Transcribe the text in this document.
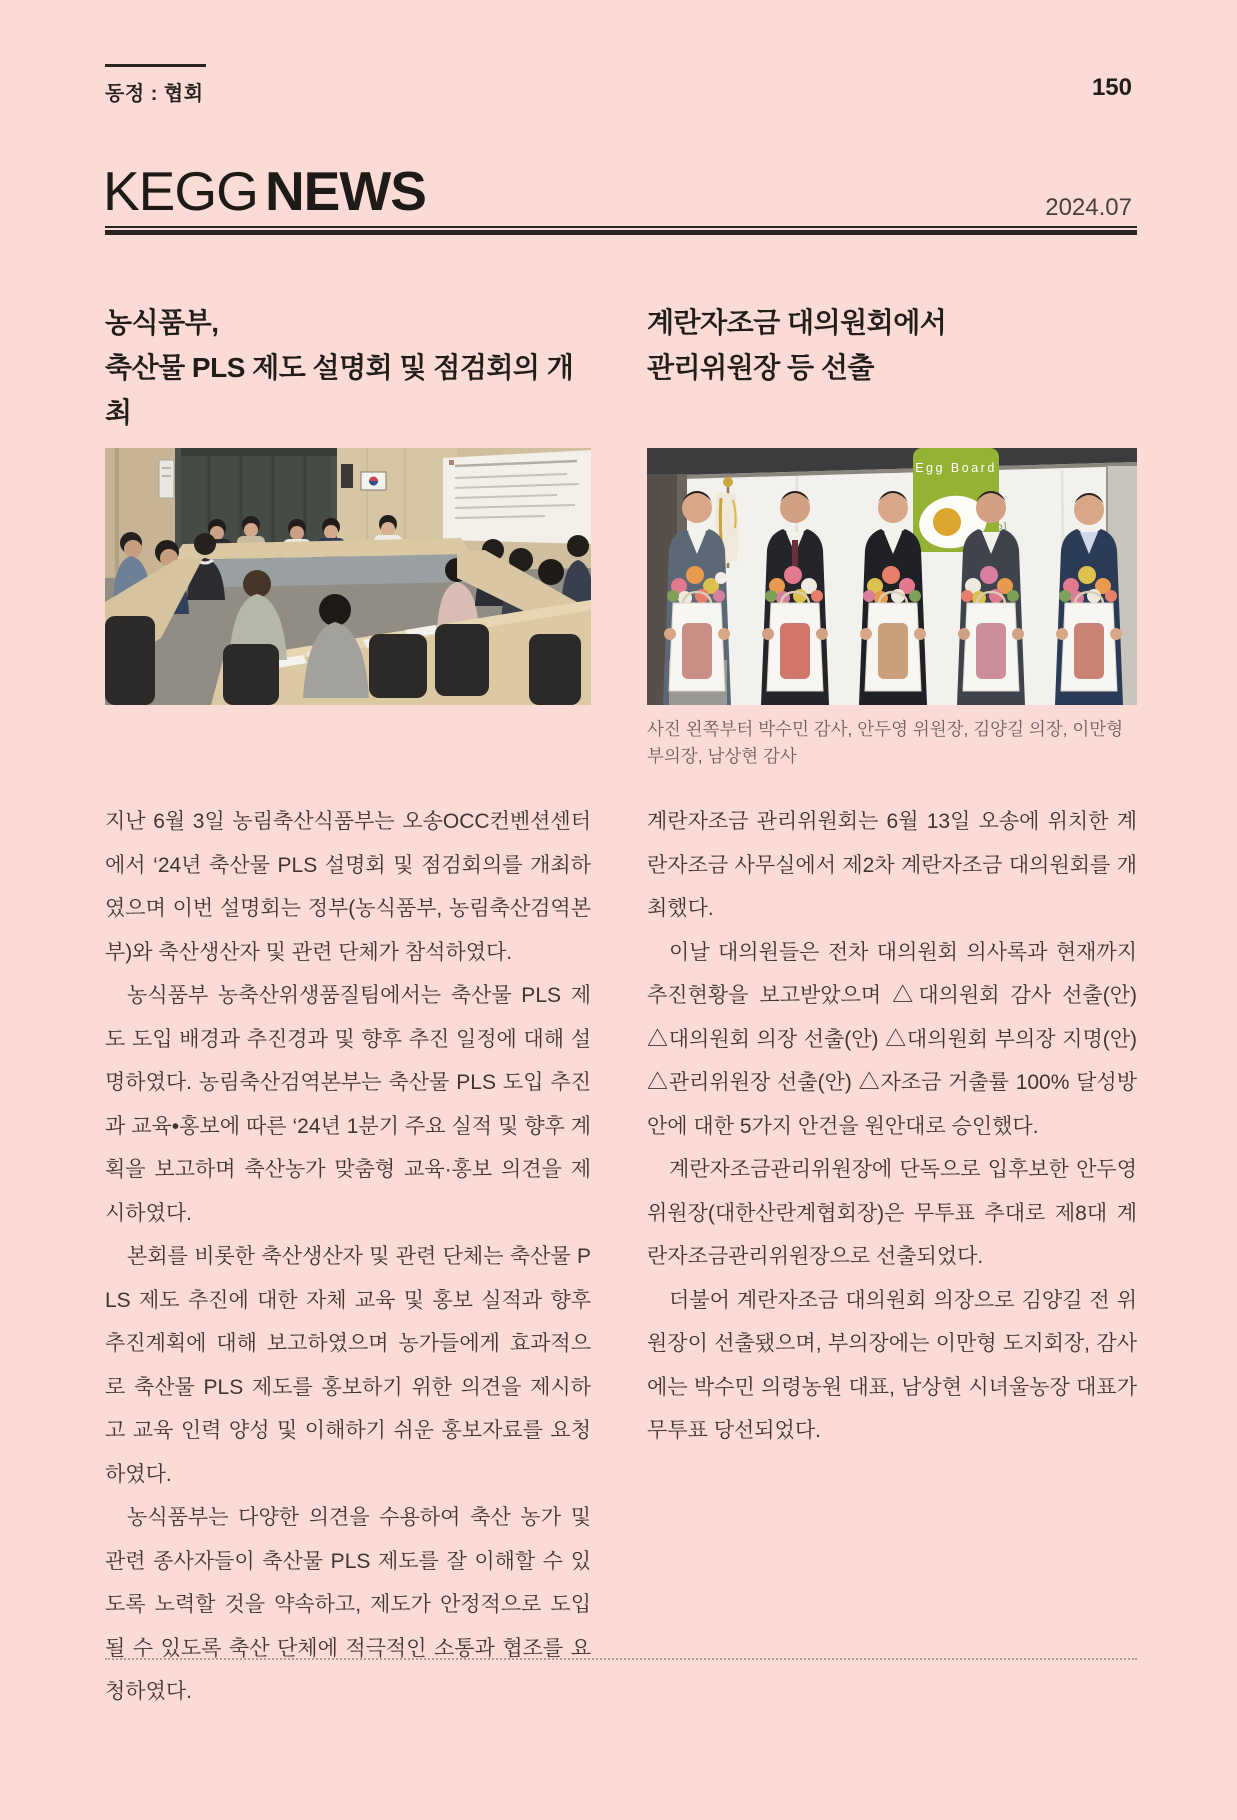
동정 : 협회	150
KEGG NEWS	2024.07
농식품부,
축산물 PLS 제도 설명회 및 점검회의 개최
계란자조금 대의원회에서
관리위원장 등 선출
Egg Board
사진 왼쪽부터 박수민 감사, 안두영 위원장, 김양길 의장, 이만형 부의장, 남상현 감사

지난 6월 3일 농림축산식품부는 오송OCC컨벤션센터에서 ‘24년 축산물 PLS 설명회 및 점검회의를 개최하였으며 이번 설명회는 정부(농식품부, 농림축산검역본부)와 축산생산자 및 관련 단체가 참석하였다.

농식품부 농축산위생품질팀에서는 축산물 PLS 제도 도입 배경과 추진경과 및 향후 추진 일정에 대해 설명하였다. 농림축산검역본부는 축산물 PLS 도입 추진과 교육•홍보에 따른 ‘24년 1분기 주요 실적 및 향후 계획을 보고하며 축산농가 맞춤형 교육·홍보 의견을 제시하였다.

본회를 비롯한 축산생산자 및 관련 단체는 축산물 PLS 제도 추진에 대한 자체 교육 및 홍보 실적과 향후 추진계획에 대해 보고하였으며 농가들에게 효과적으로 축산물 PLS 제도를 홍보하기 위한 의견을 제시하고 교육 인력 양성 및 이해하기 쉬운 홍보자료를 요청하였다.

농식품부는 다양한 의견을 수용하여 축산 농가 및 관련 종사자들이 축산물 PLS 제도를 잘 이해할 수 있도록 노력할 것을 약속하고, 제도가 안정적으로 도입될 수 있도록 축산 단체에 적극적인 소통과 협조를 요청하였다.

계란자조금 관리위원회는 6월 13일 오송에 위치한 계란자조금 사무실에서 제2차 계란자조금 대의원회를 개최했다.

이날 대의원들은 전차 대의원회 의사록과 현재까지 추진현황을 보고받았으며 △대의원회 감사 선출(안) △대의원회 의장 선출(안) △대의원회 부의장 지명(안) △관리위원장 선출(안) △자조금 거출률 100% 달성방안에 대한 5가지 안건을 원안대로 승인했다.

계란자조금관리위원장에 단독으로 입후보한 안두영 위원장(대한산란계협회장)은 무투표 추대로 제8대 계란자조금관리위원장으로 선출되었다.

더불어 계란자조금 대의원회 의장으로 김양길 전 위원장이 선출됐으며, 부의장에는 이만형 도지회장, 감사에는 박수민 의령농원 대표, 남상현 시녀울농장 대표가 무투표 당선되었다.
